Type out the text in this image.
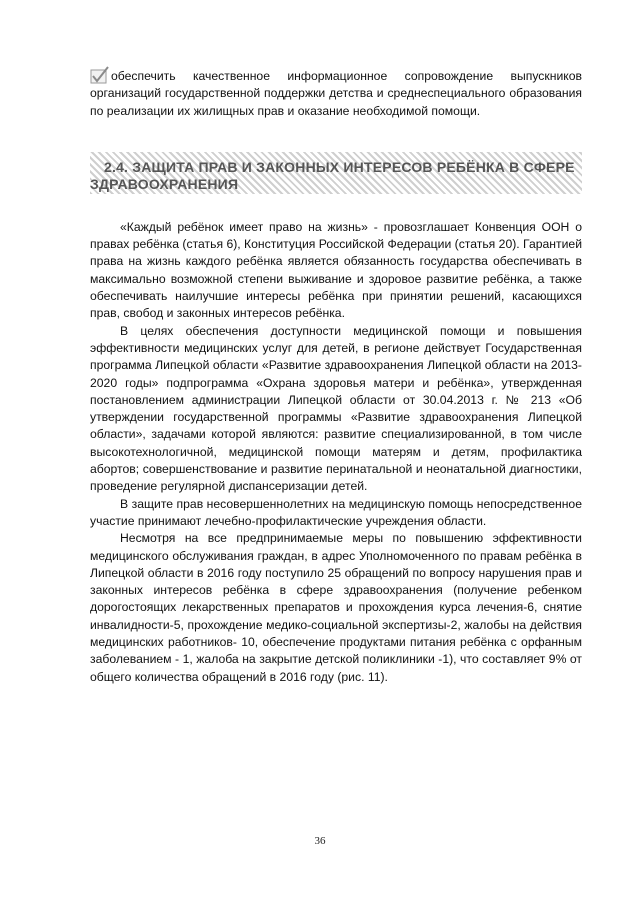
обеспечить качественное информационное сопровождение выпускников организаций государственной поддержки детства и среднеспециального образования по реализации их жилищных прав и оказание необходимой помощи.

2.4. ЗАЩИТА ПРАВ И ЗАКОННЫХ ИНТЕРЕСОВ РЕБЁНКА В СФЕРЕ ЗДРАВООХРАНЕНИЯ

«Каждый ребёнок имеет право на жизнь» - провозглашает Конвенция ООН о правах ребёнка (статья 6), Конституция Российской Федерации (статья 20). Гарантией права на жизнь каждого ребёнка является обязанность государства обеспечивать в максимально возможной степени выживание и здоровое развитие ребёнка, а также обеспечивать наилучшие интересы ребёнка при принятии решений, касающихся прав, свобод и законных интересов ребёнка.

В целях обеспечения доступности медицинской помощи и повышения эффективности медицинских услуг для детей, в регионе действует Государственная программа Липецкой области «Развитие здравоохранения Липецкой области на 2013-2020 годы» подпрограмма «Охрана здоровья матери и ребёнка», утвержденная постановлением администрации Липецкой области от 30.04.2013 г. № 213 «Об утверждении государственной программы «Развитие здравоохранения Липецкой области», задачами которой являются: развитие специализированной, в том числе высокотехнологичной, медицинской помощи матерям и детям, профилактика абортов; совершенствование и развитие перинатальной и неонатальной диагностики, проведение регулярной диспансеризации детей.

В защите прав несовершеннолетних на медицинскую помощь непосредственное участие принимают лечебно-профилактические учреждения области.

Несмотря на все предпринимаемые меры по повышению эффективности медицинского обслуживания граждан, в адрес Уполномоченного по правам ребёнка в Липецкой области в 2016 году поступило 25 обращений по вопросу нарушения прав и законных интересов ребёнка в сфере здравоохранения (получение ребенком дорогостоящих лекарственных препаратов и прохождения курса лечения-6, снятие инвалидности-5, прохождение медико-социальной экспертизы-2, жалобы на действия медицинских работников- 10, обеспечение продуктами питания ребёнка с орфанным заболеванием - 1, жалоба на закрытие детской поликлиники -1), что составляет 9% от общего количества обращений в 2016 году (рис. 11).

36
